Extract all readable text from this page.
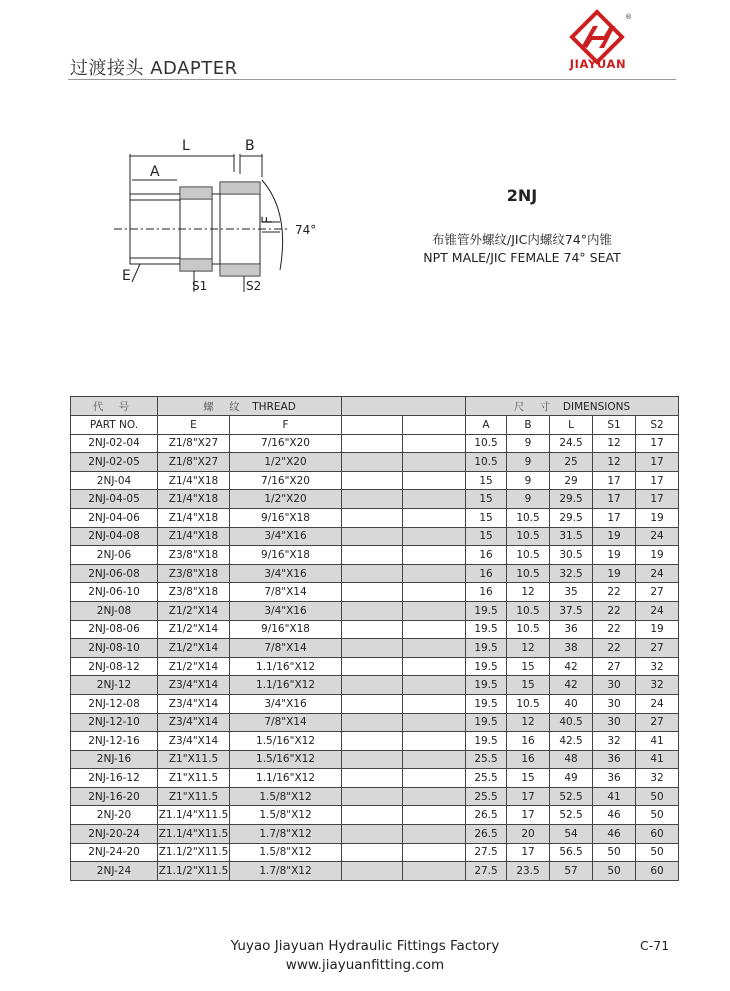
过渡接头 ADAPTER
®
JIAYUAN
L	B
A
F
E
74°
S1	S2
2NJ
布锥管外螺纹/JIC内螺纹74°内锥
NPT MALE/JIC FEMALE 74° SEAT
代 号	螺 纹 THREAD				尺 寸 DIMENSIONS				
PART NO.	E	F			A	B	L	S1	S2
2NJ-02-04	Z1/8"X27	7/16"X20			10.5	9	24.5	12	17
2NJ-02-05	Z1/8"X27	1/2"X20			10.5	9	25	12	17
2NJ-04	Z1/4"X18	7/16"X20			15	9	29	17	17
2NJ-04-05	Z1/4"X18	1/2"X20			15	9	29.5	17	17
2NJ-04-06	Z1/4"X18	9/16"X18			15	10.5	29.5	17	19
2NJ-04-08	Z1/4"X18	3/4"X16			15	10.5	31.5	19	24
2NJ-06	Z3/8"X18	9/16"X18			16	10.5	30.5	19	19
2NJ-06-08	Z3/8"X18	3/4"X16			16	10.5	32.5	19	24
2NJ-06-10	Z3/8"X18	7/8"X14			16	12	35	22	27
2NJ-08	Z1/2"X14	3/4"X16			19.5	10.5	37.5	22	24
2NJ-08-06	Z1/2"X14	9/16"X18			19.5	10.5	36	22	19
2NJ-08-10	Z1/2"X14	7/8"X14			19.5	12	38	22	27
2NJ-08-12	Z1/2"X14	1.1/16"X12			19.5	15	42	27	32
2NJ-12	Z3/4"X14	1.1/16"X12			19.5	15	42	30	32
2NJ-12-08	Z3/4"X14	3/4"X16			19.5	10.5	40	30	24
2NJ-12-10	Z3/4"X14	7/8"X14			19.5	12	40.5	30	27
2NJ-12-16	Z3/4"X14	1.5/16"X12			19.5	16	42.5	32	41
2NJ-16	Z1"X11.5	1.5/16"X12			25.5	16	48	36	41
2NJ-16-12	Z1"X11.5	1.1/16"X12			25.5	15	49	36	32
2NJ-16-20	Z1"X11.5	1.5/8"X12			25.5	17	52.5	41	50
2NJ-20	Z1.1/4"X11.5	1.5/8"X12			26.5	17	52.5	46	50
2NJ-20-24	Z1.1/4"X11.5	1.7/8"X12			26.5	20	54	46	60
2NJ-24-20	Z1.1/2"X11.5	1.5/8"X12			27.5	17	56.5	50	50
2NJ-24	Z1.1/2"X11.5	1.7/8"X12			27.5	23.5	57	50	60
Yuyao Jiayuan Hydraulic Fittings Factory
www.jiayuanfitting.com
C-71
